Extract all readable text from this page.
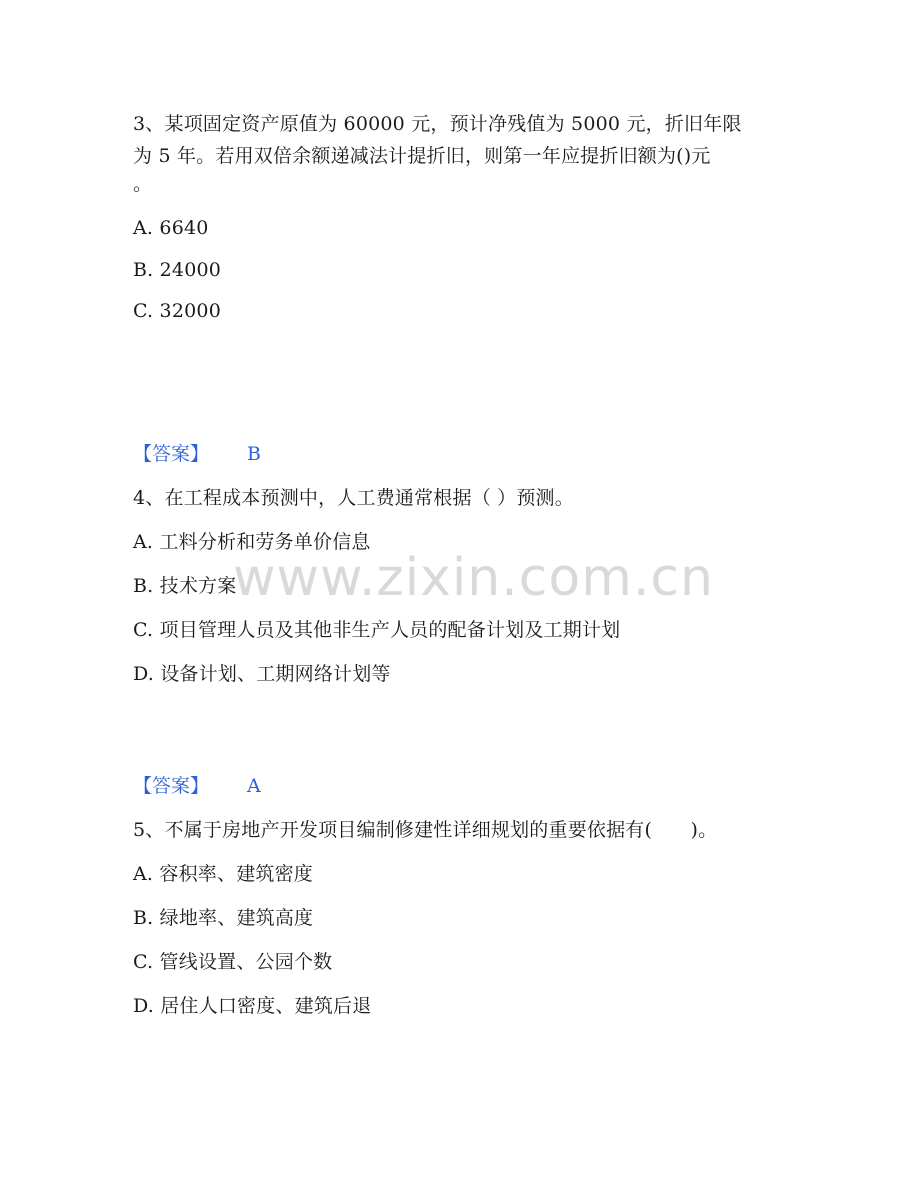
www.zixin.com.cn
3、某项固定资产原值为 60000 元，预计净残值为 5000 元，折旧年限
为 5 年。若用双倍余额递减法计提折旧，则第一年应提折旧额为()元
。
A. 6640
B. 24000
C. 32000
【答案】 B
4、在工程成本预测中，人工费通常根据（ ）预测。
A. 工料分析和劳务单价信息
B. 技术方案
C. 项目管理人员及其他非生产人员的配备计划及工期计划
D. 设备计划、工期网络计划等
【答案】 A
5、不属于房地产开发项目编制修建性详细规划的重要依据有(　　)。
A. 容积率、建筑密度
B. 绿地率、建筑高度
C. 管线设置、公园个数
D. 居住人口密度、建筑后退
